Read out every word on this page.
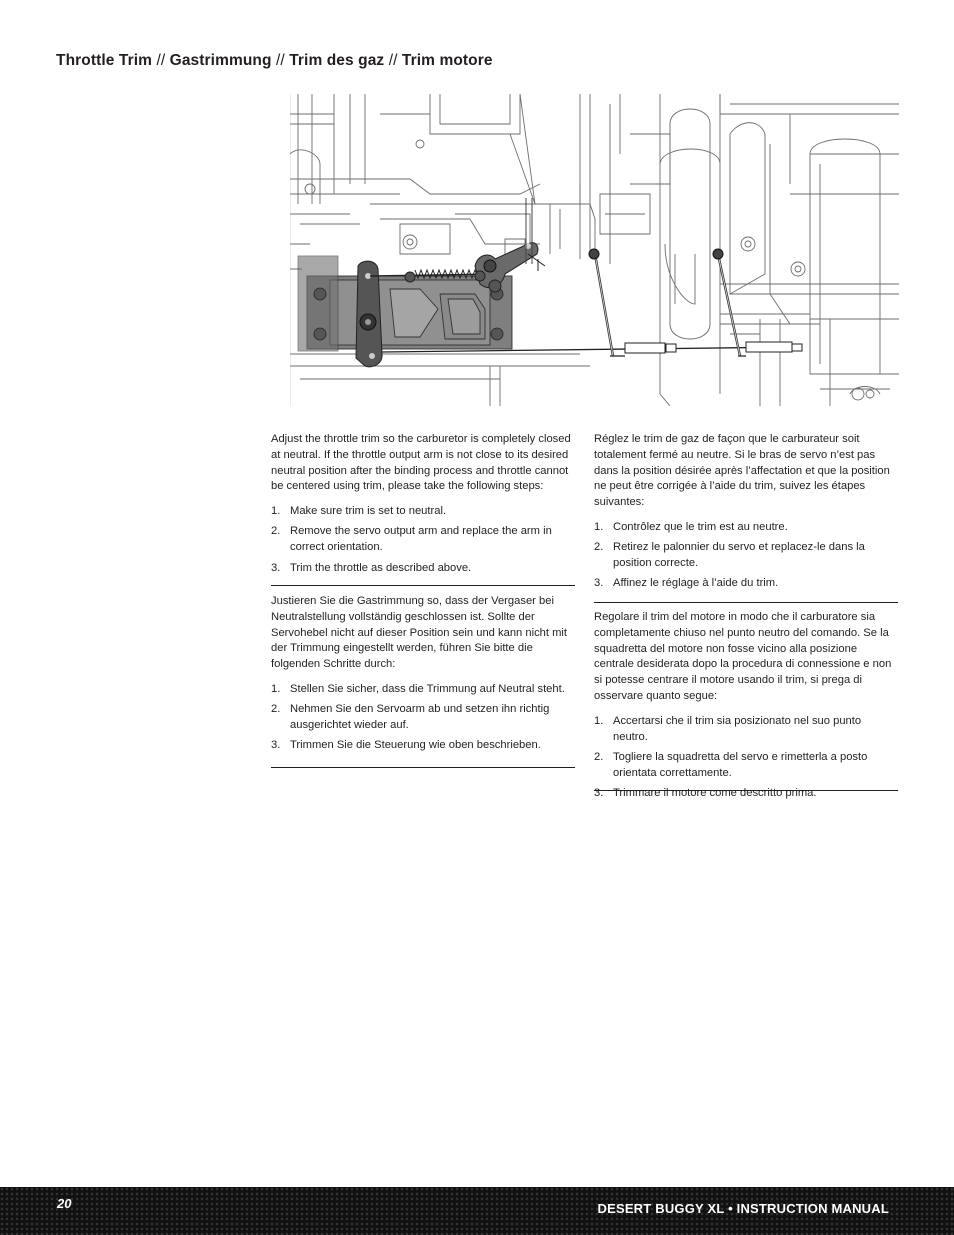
Throttle Trim // Gastrimmung // Trim des gaz // Trim motore

Adjust the throttle trim so the carburetor is completely closed at neutral. If the throttle output arm is not close to its desired neutral position after the binding process and throttle cannot be centered using trim, please take the following steps:

1. Make sure trim is set to neutral.
2. Remove the servo output arm and replace the arm in correct orientation.
3. Trim the throttle as described above.

Justieren Sie die Gastrimmung so, dass der Vergaser bei Neutralstellung vollständig geschlossen ist. Sollte der Servohebel nicht auf dieser Position sein und kann nicht mit der Trimmung eingestellt werden, führen Sie bitte die folgenden Schritte durch:

1. Stellen Sie sicher, dass die Trimmung auf Neutral steht.
2. Nehmen Sie den Servoarm ab und setzen ihn richtig ausgerichtet wieder auf.
3. Trimmen Sie die Steuerung wie oben beschrieben.

Réglez le trim de gaz de façon que le carburateur soit totalement fermé au neutre. Si le bras de servo n’est pas dans la position désirée après l’affectation et que la position ne peut être corrigée à l’aide du trim, suivez les étapes suivantes:

1. Contrôlez que le trim est au neutre.
2. Retirez le palonnier du servo et replacez-le dans la position correcte.
3. Affinez le réglage à l’aide du trim.

Regolare il trim del motore in modo che il carburatore sia completamente chiuso nel punto neutro del comando. Se la squadretta del motore non fosse vicino alla posizione centrale desiderata dopo la procedura di connessione e non si potesse centrare il motore usando il trim, si prega di osservare quanto segue:

1. Accertarsi che il trim sia posizionato nel suo punto neutro.
2. Togliere la squadretta del servo e rimetterla a posto orientata correttamente.
3. Trimmare il motore come descritto prima.
20	DESERT BUGGY XL • INSTRUCTION MANUAL
